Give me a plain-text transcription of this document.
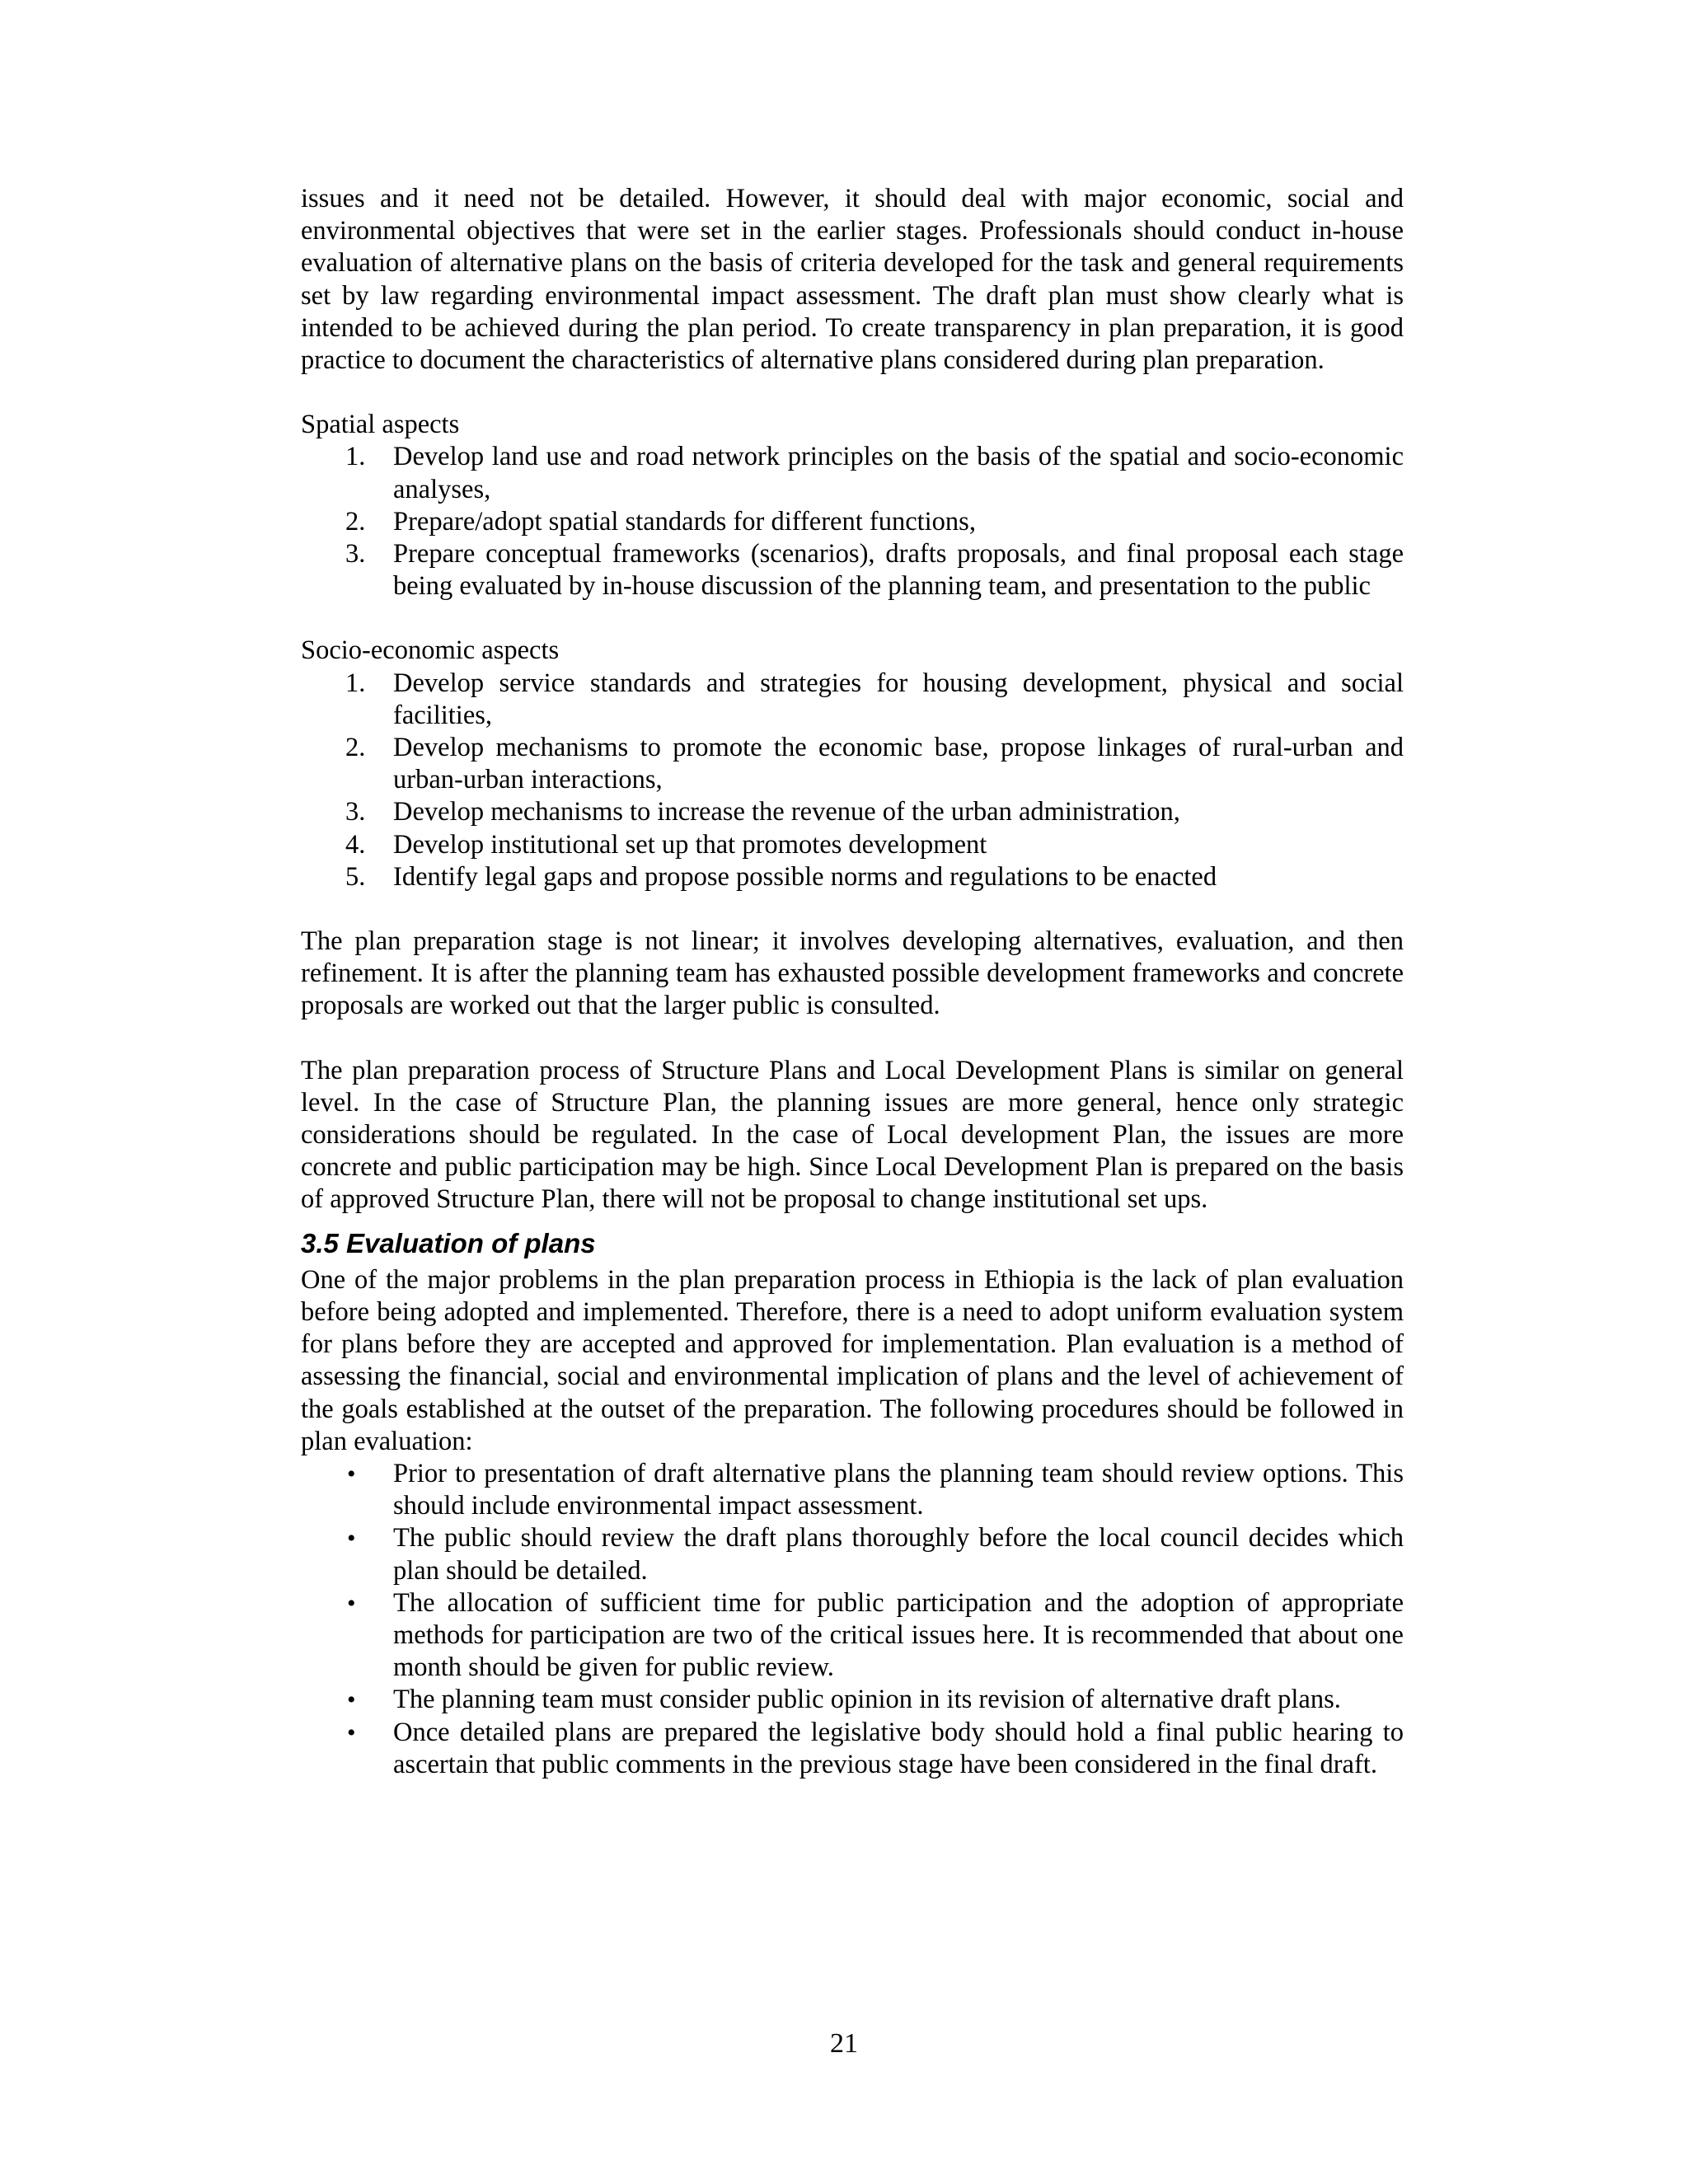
issues and it need not be detailed. However, it should deal with major economic, social and environmental objectives that were set in the earlier stages. Professionals should conduct in-house evaluation of alternative plans on the basis of criteria developed for the task and general requirements set by law regarding environmental impact assessment. The draft plan must show clearly what is intended to be achieved during the plan period. To create transparency in plan preparation, it is good practice to document the characteristics of alternative plans considered during plan preparation.

Spatial aspects
1. Develop land use and road network principles on the basis of the spatial and socio-economic analyses,
2. Prepare/adopt spatial standards for different functions,
3. Prepare conceptual frameworks (scenarios), drafts proposals, and final proposal each stage being evaluated by in-house discussion of the planning team, and presentation to the public
Socio-economic aspects
1. Develop service standards and strategies for housing development, physical and social facilities,
2. Develop mechanisms to promote the economic base, propose linkages of rural-urban and urban-urban interactions,
3. Develop mechanisms to increase the revenue of the urban administration,
4. Develop institutional set up that promotes development
5. Identify legal gaps and propose possible norms and regulations to be enacted

The plan preparation stage is not linear; it involves developing alternatives, evaluation, and then refinement. It is after the planning team has exhausted possible development frameworks and concrete proposals are worked out that the larger public is consulted.

The plan preparation process of Structure Plans and Local Development Plans is similar on general level. In the case of Structure Plan, the planning issues are more general, hence only strategic considerations should be regulated. In the case of Local development Plan, the issues are more concrete and public participation may be high. Since Local Development Plan is prepared on the basis of approved Structure Plan, there will not be proposal to change institutional set ups.

3.5 Evaluation of plans

One of the major problems in the plan preparation process in Ethiopia is the lack of plan evaluation before being adopted and implemented. Therefore, there is a need to adopt uniform evaluation system for plans before they are accepted and approved for implementation. Plan evaluation is a method of assessing the financial, social and environmental implication of plans and the level of achievement of the goals established at the outset of the preparation. The following procedures should be followed in plan evaluation:

• Prior to presentation of draft alternative plans the planning team should review options. This should include environmental impact assessment.
• The public should review the draft plans thoroughly before the local council decides which plan should be detailed.
• The allocation of sufficient time for public participation and the adoption of appropriate methods for participation are two of the critical issues here. It is recommended that about one month should be given for public review.
• The planning team must consider public opinion in its revision of alternative draft plans.
• Once detailed plans are prepared the legislative body should hold a final public hearing to ascertain that public comments in the previous stage have been considered in the final draft.
21
